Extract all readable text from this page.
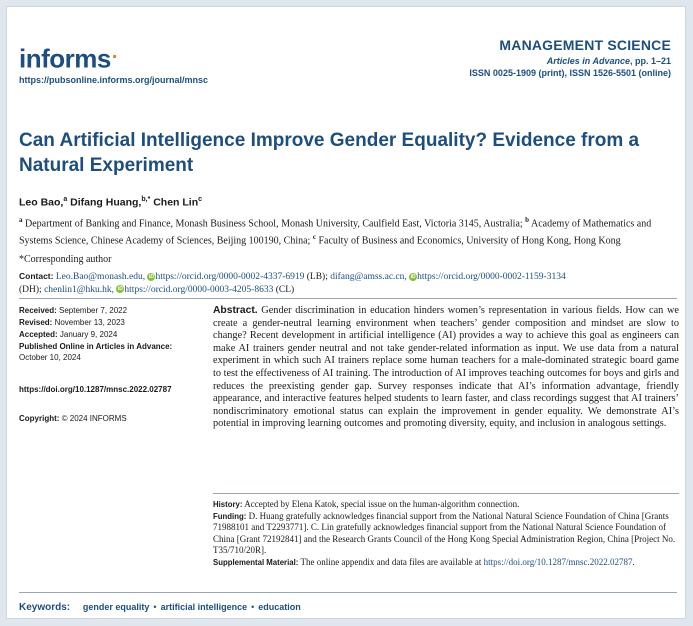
informs.
https://pubsonline.informs.org/journal/mnsc
MANAGEMENT SCIENCE
Articles in Advance, pp. 1–21
ISSN 0025-1909 (print), ISSN 1526-5501 (online)
Can Artificial Intelligence Improve Gender Equality? Evidence from a Natural Experiment
Leo Bao,$^a$ Difang Huang,$^{b,*}$ Chen Lin$^c$
$^a$ Department of Banking and Finance, Monash Business School, Monash University, Caulfield East, Victoria 3145, Australia; $^b$ Academy of Mathematics and Systems Science, Chinese Academy of Sciences, Beijing 100190, China; $^c$ Faculty of Business and Economics, University of Hong Kong, Hong Kong
*Corresponding author
Contact: Leo.Bao@monash.edu, iD https://orcid.org/0000-0002-4337-6919 (LB); difang@amss.ac.cn, iD https://orcid.org/0000-0002-1159-3134
(DH); chenlin1@hku.hk, iD https://orcid.org/0000-0003-4205-8633 (CL)
Received: September 7, 2022
Revised: November 13, 2023
Accepted: January 9, 2024
Published Online in Articles in Advance:
October 10, 2024
https://doi.org/10.1287/mnsc.2022.02787
Copyright: © 2024 INFORMS
Abstract. Gender discrimination in education hinders women’s representation in various fields. How can we create a gender-neutral learning environment when teachers’ gender composition and mindset are slow to change? Recent development in artificial intelligence (AI) provides a way to achieve this goal as engineers can make AI trainers gender neutral and not take gender-related information as input. We use data from a natural experiment in which such AI trainers replace some human teachers for a male-dominated strategic board game to test the effectiveness of AI training. The introduction of AI improves teaching outcomes for boys and girls and reduces the preexisting gender gap. Survey responses indicate that AI’s information advantage, friendly appearance, and interactive features helped students to learn faster, and class recordings suggest that AI trainers’ nondiscriminatory emotional status can explain the improvement in gender equality. We demonstrate AI’s potential in improving learning outcomes and promoting diversity, equity, and inclusion in analogous settings.

History: Accepted by Elena Katok, special issue on the human-algorithm connection.

Funding: D. Huang gratefully acknowledges financial support from the National Natural Science Foundation of China [Grants 71988101 and T2293771]. C. Lin gratefully acknowledges financial support from the National Natural Science Foundation of China [Grant 72192841] and the Research Grants Council of the Hong Kong Special Administration Region, China [Project No. T35/710/20R].

Supplemental Material: The online appendix and data files are available at https://doi.org/10.1287/mnsc.2022.02787.

Keywords: gender equality • artificial intelligence • education
